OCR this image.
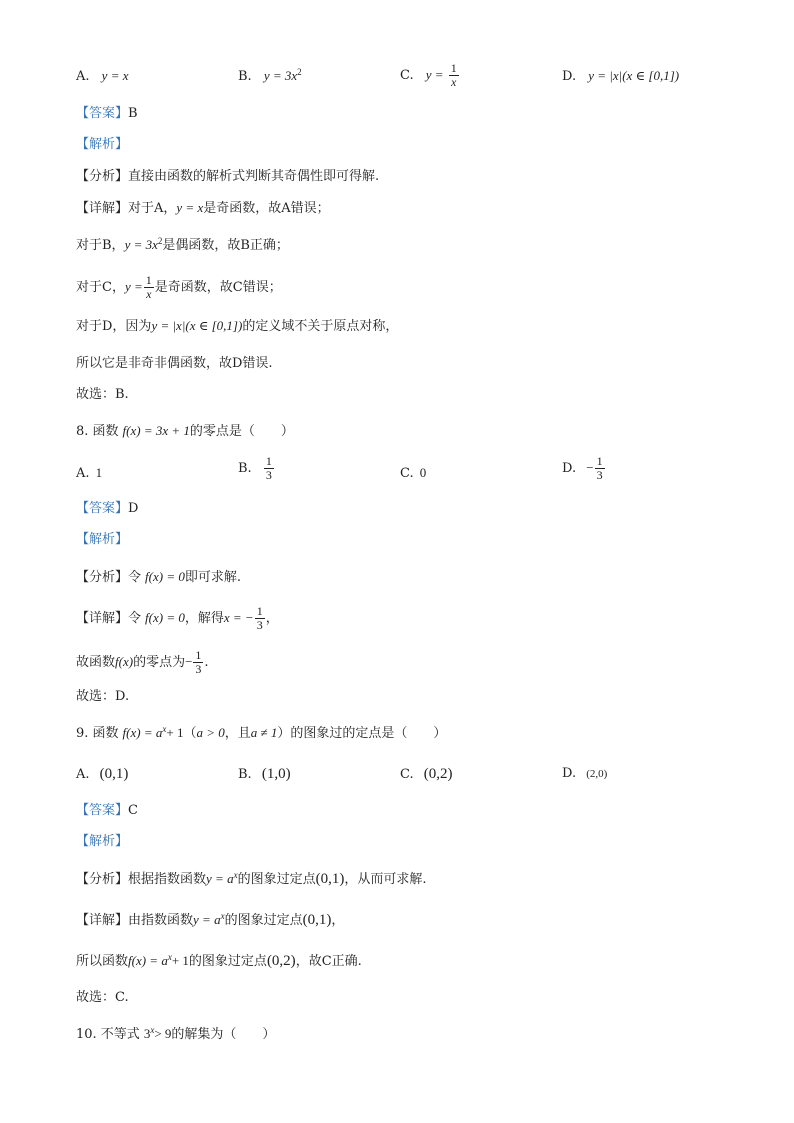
A. y = x	B. $y = 3x^2$	C. $y = \frac{1}{x}$	D. y = |x|(x ∈ [0,1])
【答案】B
【解析】
【分析】直接由函数的解析式判断其奇偶性即可得解.
【详解】对于A，y = x是奇函数，故A错误；
对于B，$y = 3x^2$是偶函数，故B正确；
对于C，$y = \frac{1}{x}$ 是奇函数，故C错误；
对于D，因为y = |x|(x ∈ [0,1])的定义域不关于原点对称，
所以它是非奇非偶函数，故D错误.
故选：B.
8. 函数 f(x) = 3x + 1的零点是（　　）
A. 1	B. $\frac{1}{3}$	C. 0	D. − $\frac{1}{3}$
【答案】D
【解析】
【分析】令 f(x) = 0即可求解.
【详解】令 f(x) = 0，解得x = − $\frac{1}{3}$ ，
故函数f(x)的零点为− $\frac{1}{3}$ .
故选：D.
9. 函数 $f(x) = a^x+ 1(a > 0$，且a ≠ 1）的图象过的定点是（　　）
A. (0,1)	B. (1,0)	C. (0,2)	D. (2,0)
【答案】C
【解析】
【分析】根据指数函数$y = a^x$的图象过定点(0,1)，从而可求解.
【详解】由指数函数$y = a^x$的图象过定点(0,1)，
所以函数$f(x) = a^x+ 1$的图象过定点(0,2)，故C正确.
故选：C.
10. 不等式 $3^x> 9$的解集为（　　）
